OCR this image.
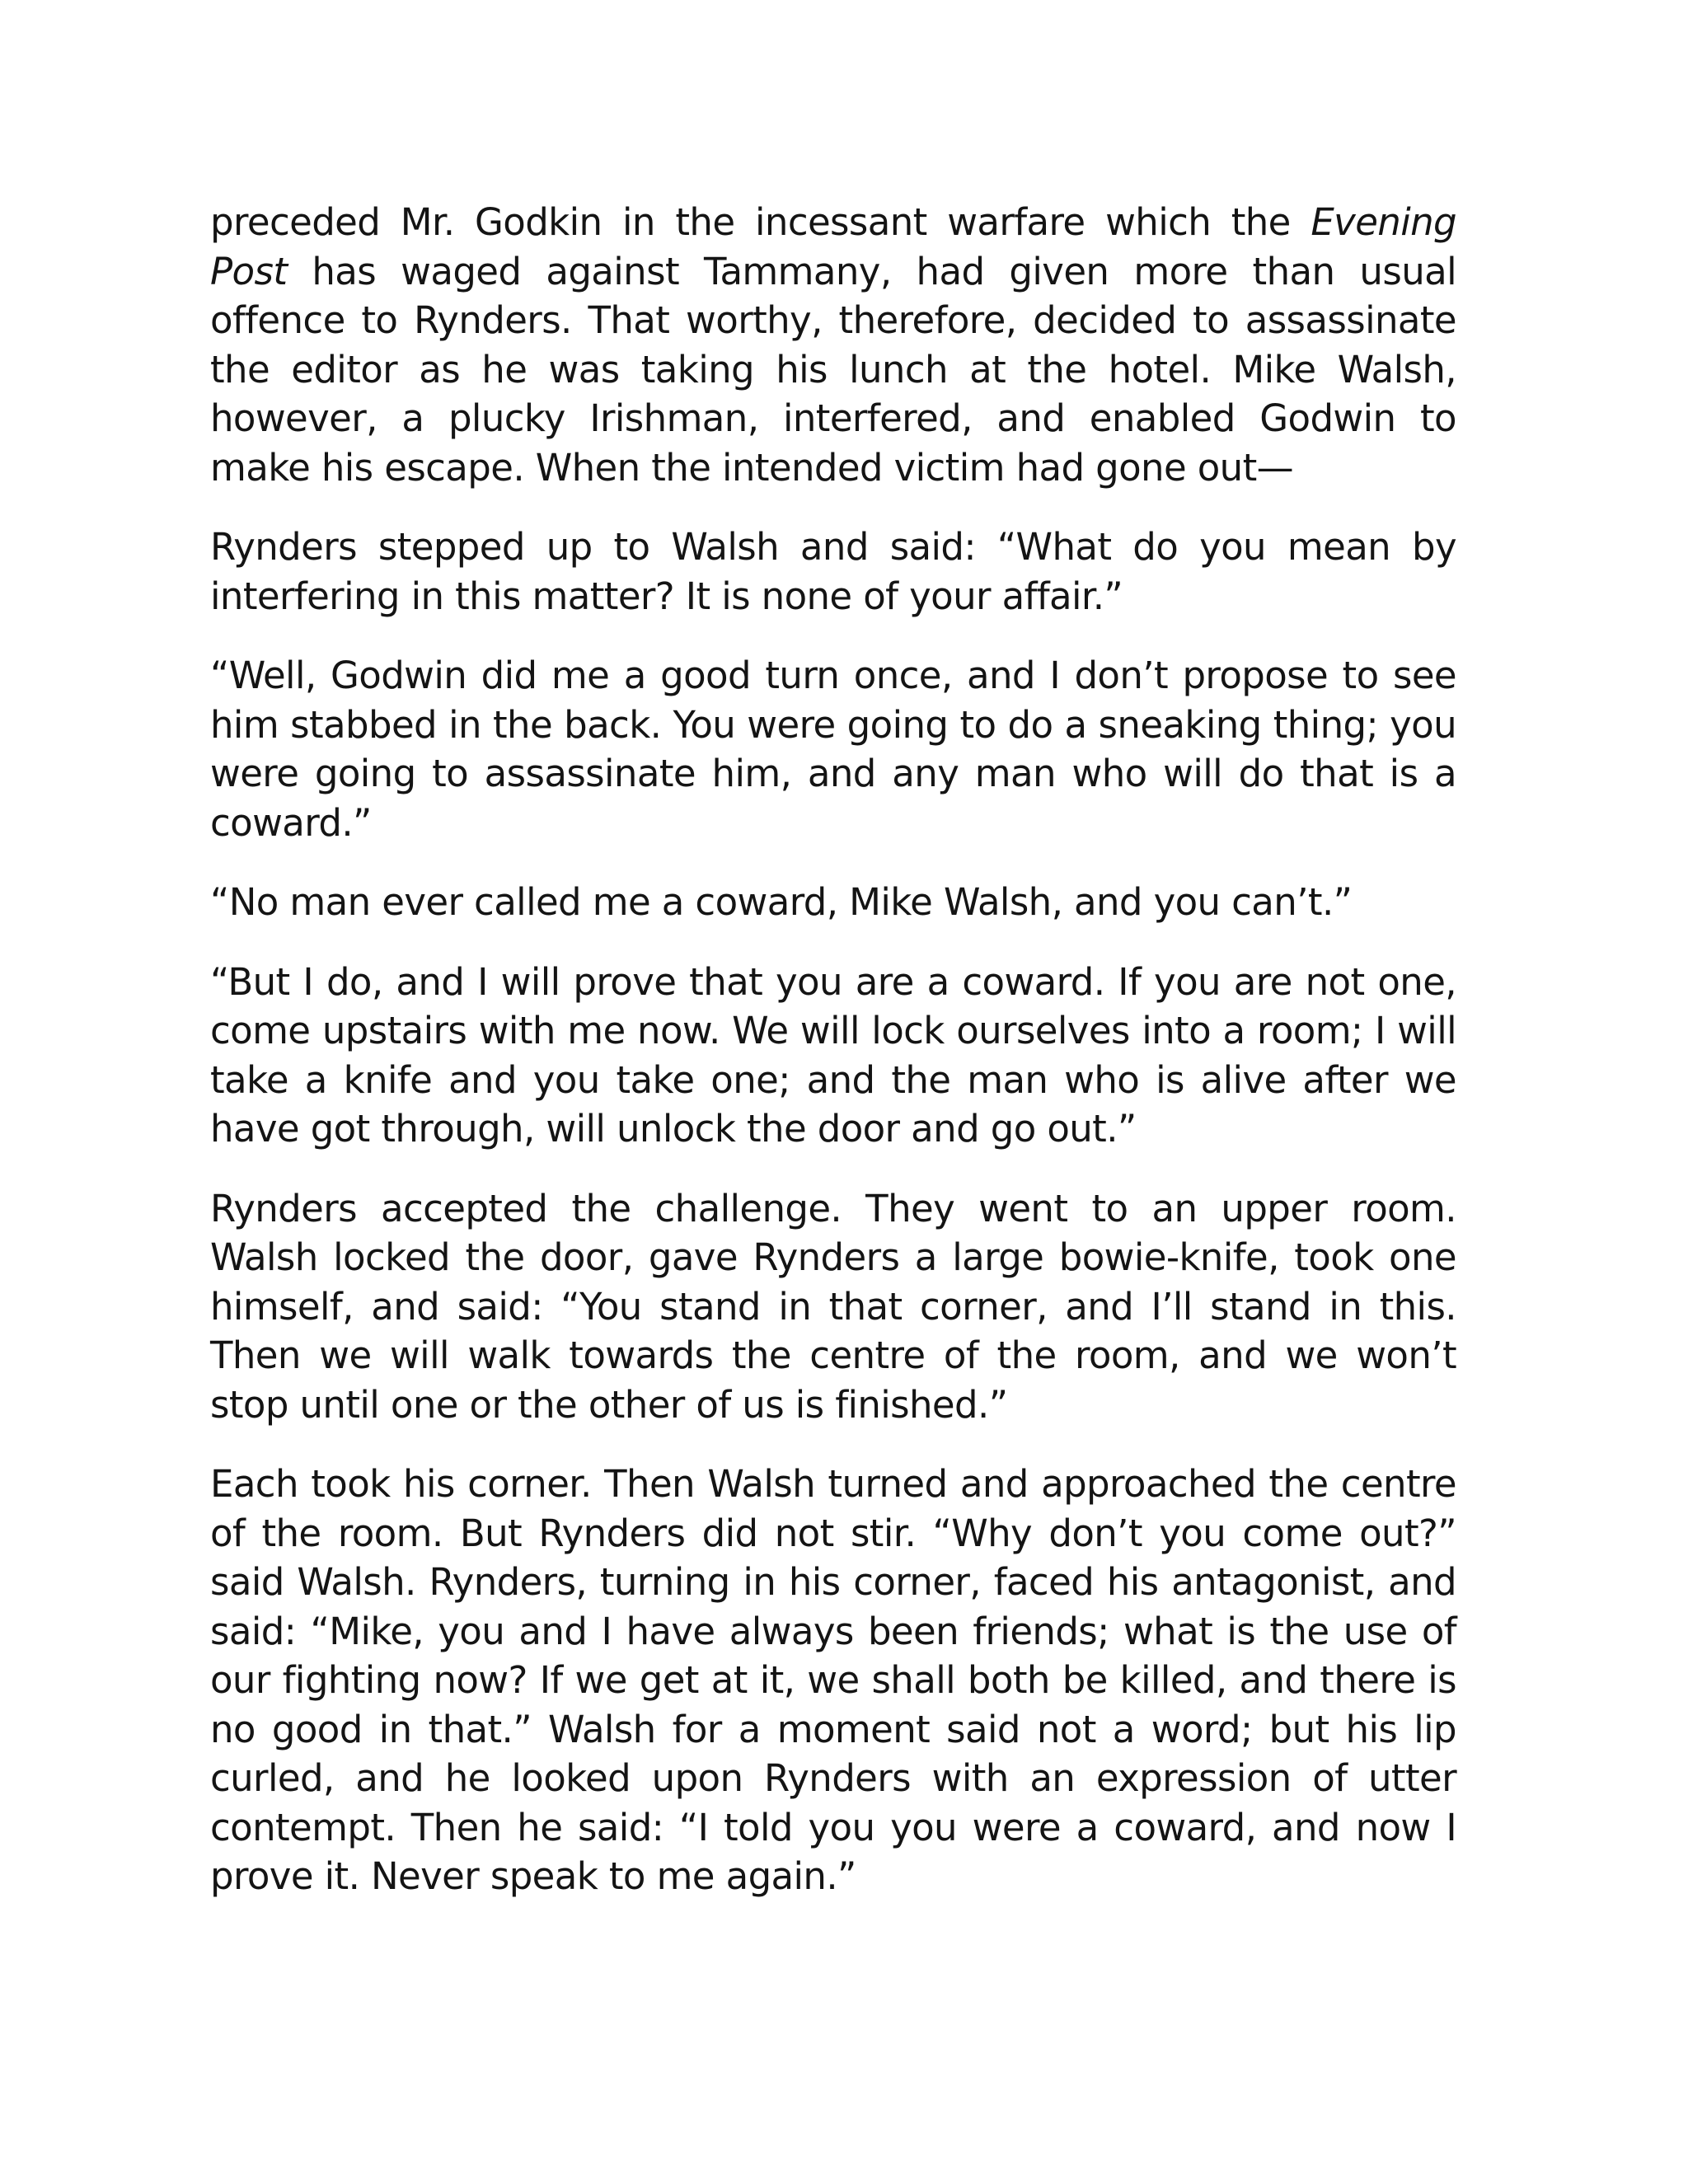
preceded Mr. Godkin in the incessant warfare which the Evening Post has waged against Tammany, had given more than usual offence to Rynders. That worthy, therefore, decided to assassinate the editor as he was taking his lunch at the hotel. Mike Walsh, however, a plucky Irishman, interfered, and enabled Godwin to make his escape. When the intended victim had gone out—

Rynders stepped up to Walsh and said: “What do you mean by interfering in this matter? It is none of your affair.”

“Well, Godwin did me a good turn once, and I don’t propose to see him stabbed in the back. You were going to do a sneaking thing; you were going to assassinate him, and any man who will do that is a coward.”

“No man ever called me a coward, Mike Walsh, and you can’t.”

“But I do, and I will prove that you are a coward. If you are not one, come upstairs with me now. We will lock ourselves into a room; I will take a knife and you take one; and the man who is alive after we have got through, will unlock the door and go out.”

Rynders accepted the challenge. They went to an upper room. Walsh locked the door, gave Rynders a large bowie-knife, took one himself, and said: “You stand in that corner, and I’ll stand in this. Then we will walk towards the centre of the room, and we won’t stop until one or the other of us is finished.”

Each took his corner. Then Walsh turned and approached the centre of the room. But Rynders did not stir. “Why don’t you come out?” said Walsh. Rynders, turning in his corner, faced his antagonist, and said: “Mike, you and I have always been friends; what is the use of our fighting now? If we get at it, we shall both be killed, and there is no good in that.” Walsh for a moment said not a word; but his lip curled, and he looked upon Rynders with an expression of utter contempt. Then he said: “I told you you were a coward, and now I prove it. Never speak to me again.”
